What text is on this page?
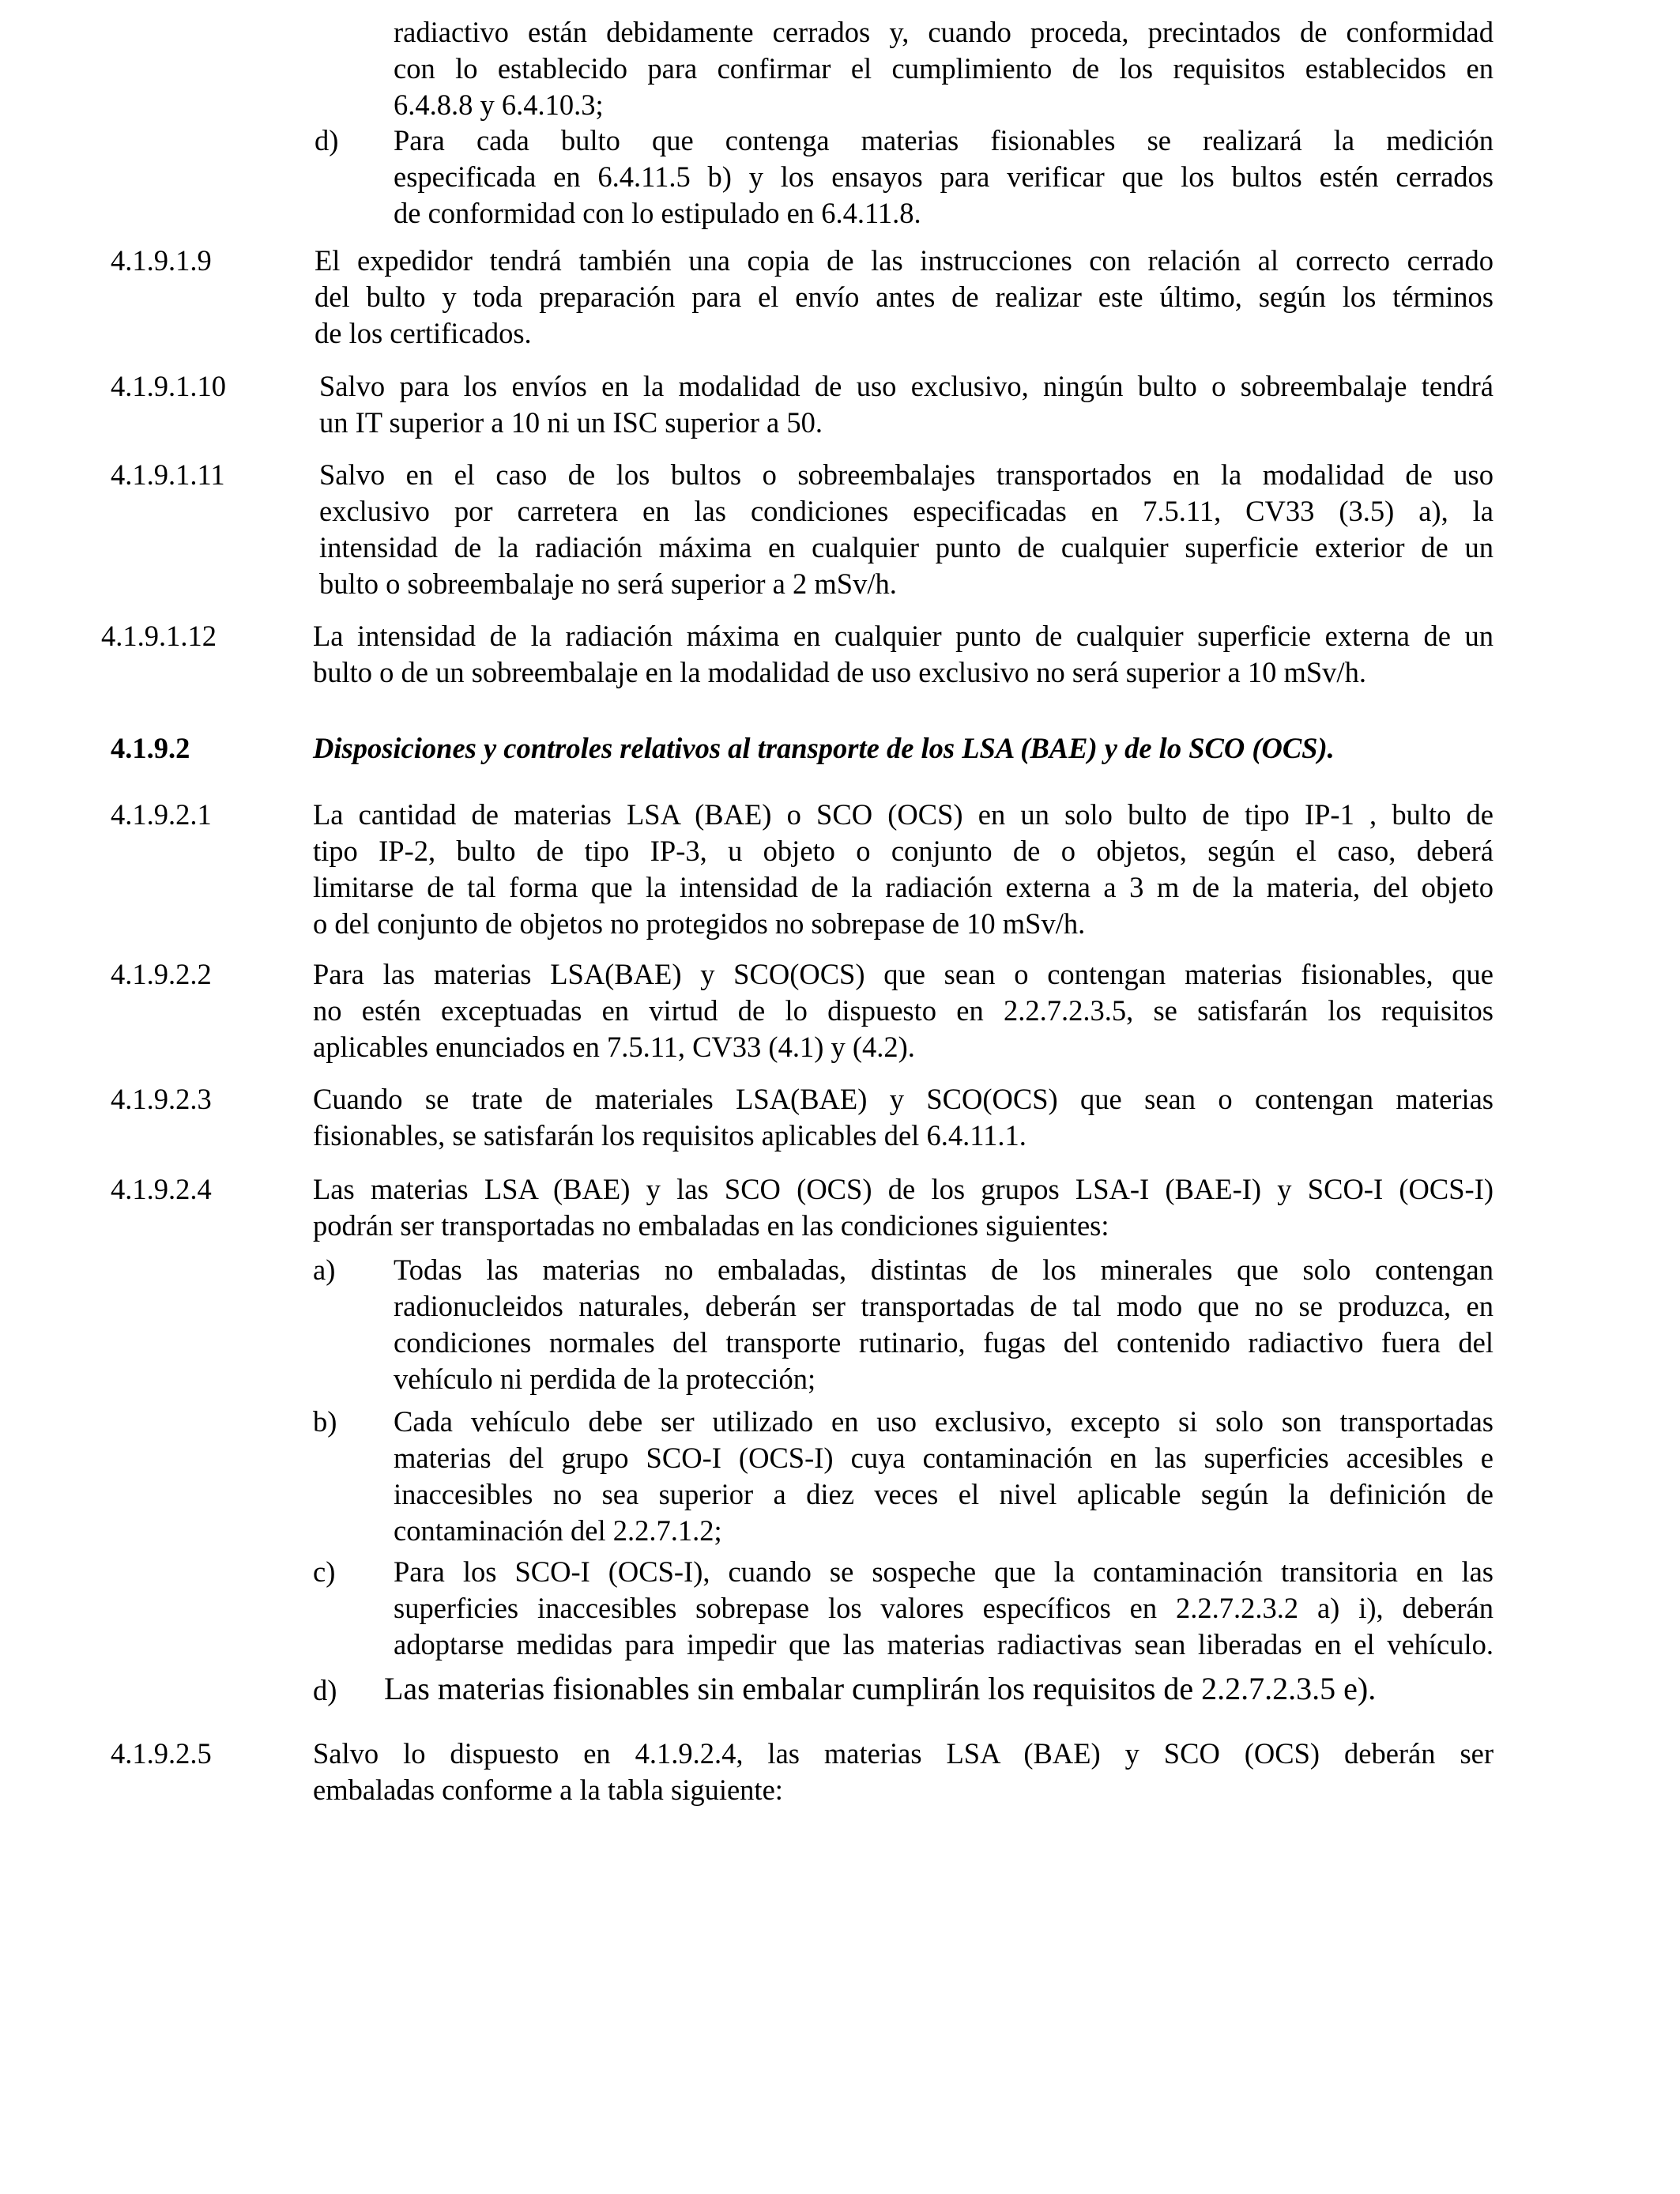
radiactivo están debidamente cerrados y, cuando proceda, precintados de conformidad
con lo establecido para confirmar el cumplimiento de los requisitos establecidos en
6.4.8.8 y 6.4.10.3;
d) Para cada bulto que contenga materias fisionables se realizará la medición
especificada en 6.4.11.5 b) y los ensayos para verificar que los bultos estén cerrados
de conformidad con lo estipulado en 6.4.11.8.
4.1.9.1.9	El expedidor tendrá también una copia de las instrucciones con relación al correcto cerrado
del bulto y toda preparación para el envío antes de realizar este último, según los términos
de los certificados.
4.1.9.1.10	Salvo para los envíos en la modalidad de uso exclusivo, ningún bulto o sobreembalaje tendrá
un IT superior a 10 ni un ISC superior a 50.
4.1.9.1.11	Salvo en el caso de los bultos o sobreembalajes transportados en la modalidad de uso
exclusivo por carretera en las condiciones especificadas en 7.5.11, CV33 (3.5) a), la
intensidad de la radiación máxima en cualquier punto de cualquier superficie exterior de un
bulto o sobreembalaje no será superior a 2 mSv/h.
4.1.9.1.12	La intensidad de la radiación máxima en cualquier punto de cualquier superficie externa de un
bulto o de un sobreembalaje en la modalidad de uso exclusivo no será superior a 10 mSv/h.
4.1.9.2	Disposiciones y controles relativos al transporte de los LSA (BAE) y de lo SCO (OCS).
4.1.9.2.1	La cantidad de materias LSA (BAE) o SCO (OCS) en un solo bulto de tipo IP-1 , bulto de
tipo IP-2, bulto de tipo IP-3, u objeto o conjunto de o objetos, según el caso, deberá
limitarse de tal forma que la intensidad de la radiación externa a 3 m de la materia, del objeto
o del conjunto de objetos no protegidos no sobrepase de 10 mSv/h.
4.1.9.2.2	Para las materias LSA(BAE) y SCO(OCS) que sean o contengan materias fisionables, que
no estén exceptuadas en virtud de lo dispuesto en 2.2.7.2.3.5, se satisfarán los requisitos
aplicables enunciados en 7.5.11, CV33 (4.1) y (4.2).
4.1.9.2.3	Cuando se trate de materiales LSA(BAE) y SCO(OCS) que sean o contengan materias
fisionables, se satisfarán los requisitos aplicables del 6.4.11.1.
4.1.9.2.4	Las materias LSA (BAE) y las SCO (OCS) de los grupos LSA-I (BAE-I) y SCO-I (OCS-I)
podrán ser transportadas no embaladas en las condiciones siguientes:
a) Todas las materias no embaladas, distintas de los minerales que solo contengan
radionucleidos naturales, deberán ser transportadas de tal modo que no se produzca, en
condiciones normales del transporte rutinario, fugas del contenido radiactivo fuera del
vehículo ni perdida de la protección;
b) Cada vehículo debe ser utilizado en uso exclusivo, excepto si solo son transportadas
materias del grupo SCO-I (OCS-I) cuya contaminación en las superficies accesibles e
inaccesibles no sea superior a diez veces el nivel aplicable según la definición de
contaminación del 2.2.7.1.2;
c) Para los SCO-I (OCS-I), cuando se sospeche que la contaminación transitoria en las
superficies inaccesibles sobrepase los valores específicos en 2.2.7.2.3.2 a) i), deberán
adoptarse medidas para impedir que las materias radiactivas sean liberadas en el vehículo.
d) Las materias fisionables sin embalar cumplirán los requisitos de 2.2.7.2.3.5 e).
4.1.9.2.5	Salvo lo dispuesto en 4.1.9.2.4, las materias LSA (BAE) y SCO (OCS) deberán ser
embaladas conforme a la tabla siguiente:
